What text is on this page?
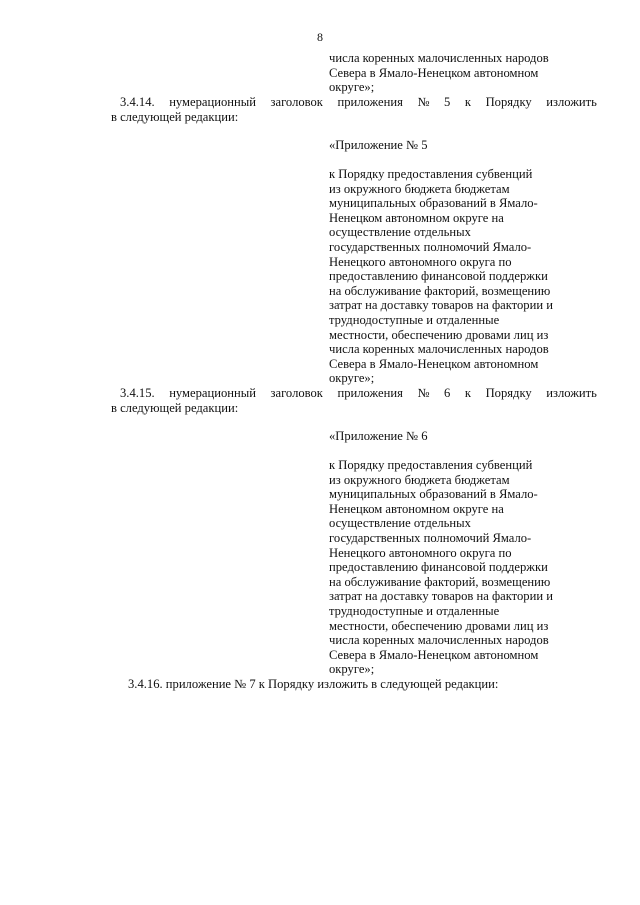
8
числа коренных малочисленных народов
Севера в Ямало-Ненецком автономном
округе»;
3.4.14. нумерационный заголовок приложения № 5 к Порядку изложить
в следующей редакции:
«Приложение № 5
к Порядку предоставления субвенций
из окружного бюджета бюджетам
муниципальных образований в Ямало-
Ненецком автономном округе на
осуществление отдельных
государственных полномочий Ямало-
Ненецкого автономного округа по
предоставлению финансовой поддержки
на обслуживание факторий, возмещению
затрат на доставку товаров на фактории и
труднодоступные и отдаленные
местности, обеспечению дровами лиц из
числа коренных малочисленных народов
Севера в Ямало-Ненецком автономном
округе»;
3.4.15. нумерационный заголовок приложения № 6 к Порядку изложить
в следующей редакции:
«Приложение № 6
к Порядку предоставления субвенций
из окружного бюджета бюджетам
муниципальных образований в Ямало-
Ненецком автономном округе на
осуществление отдельных
государственных полномочий Ямало-
Ненецкого автономного округа по
предоставлению финансовой поддержки
на обслуживание факторий, возмещению
затрат на доставку товаров на фактории и
труднодоступные и отдаленные
местности, обеспечению дровами лиц из
числа коренных малочисленных народов
Севера в Ямало-Ненецком автономном
округе»;
3.4.16. приложение № 7 к Порядку изложить в следующей редакции:
